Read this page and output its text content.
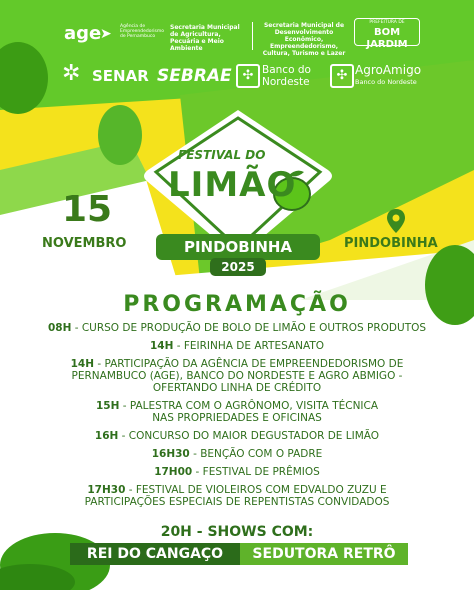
age
➤ Agência de Empreendedorismo de Pernambuco
Secretaria Municipal de Agricultura, Pecuária e Meio Ambiente
Secretaria Municipal de Desenvolvimento Econômico, Empreendedorismo, Cultura, Turismo e Lazer
PREFEITURA DE
BOM JARDIM
✲ SENAR SEBRAE ✣ Banco do Nordeste	✣ AgroAmigo
Banco do Nordeste
FESTIVAL DO
LIMÃO
PINDOBINHA
2025
15
NOVEMBRO	PINDOBINHA
PROGRAMAÇÃO
08H - CURSO DE PRODUÇÃO DE BOLO DE LIMÃO E OUTROS PRODUTOS
14H - FEIRINHA DE ARTESANATO
14H - PARTICIPAÇÃO DA AGÊNCIA DE EMPREENDEDORISMO DE PERNAMBUCO (AGE), BANCO DO NORDESTE E AGRO ABMIGO - OFERTANDO LINHA DE CRÉDITO
15H - PALESTRA COM O AGRÔNOMO, VISITA TÉCNICA NAS PROPRIEDADES E OFICINAS
16H - CONCURSO DO MAIOR DEGUSTADOR DE LIMÃO
16H30 - BENÇÃO COM O PADRE
17H00 - FESTIVAL DE PRÊMIOS
17H30 - FESTIVAL DE VIOLEIROS COM EDVALDO ZUZU E PARTICIPAÇÕES ESPECIAIS DE REPENTISTAS CONVIDADOS
20H - SHOWS COM:
REI DO CANGAÇO	SEDUTORA RETRÔ
